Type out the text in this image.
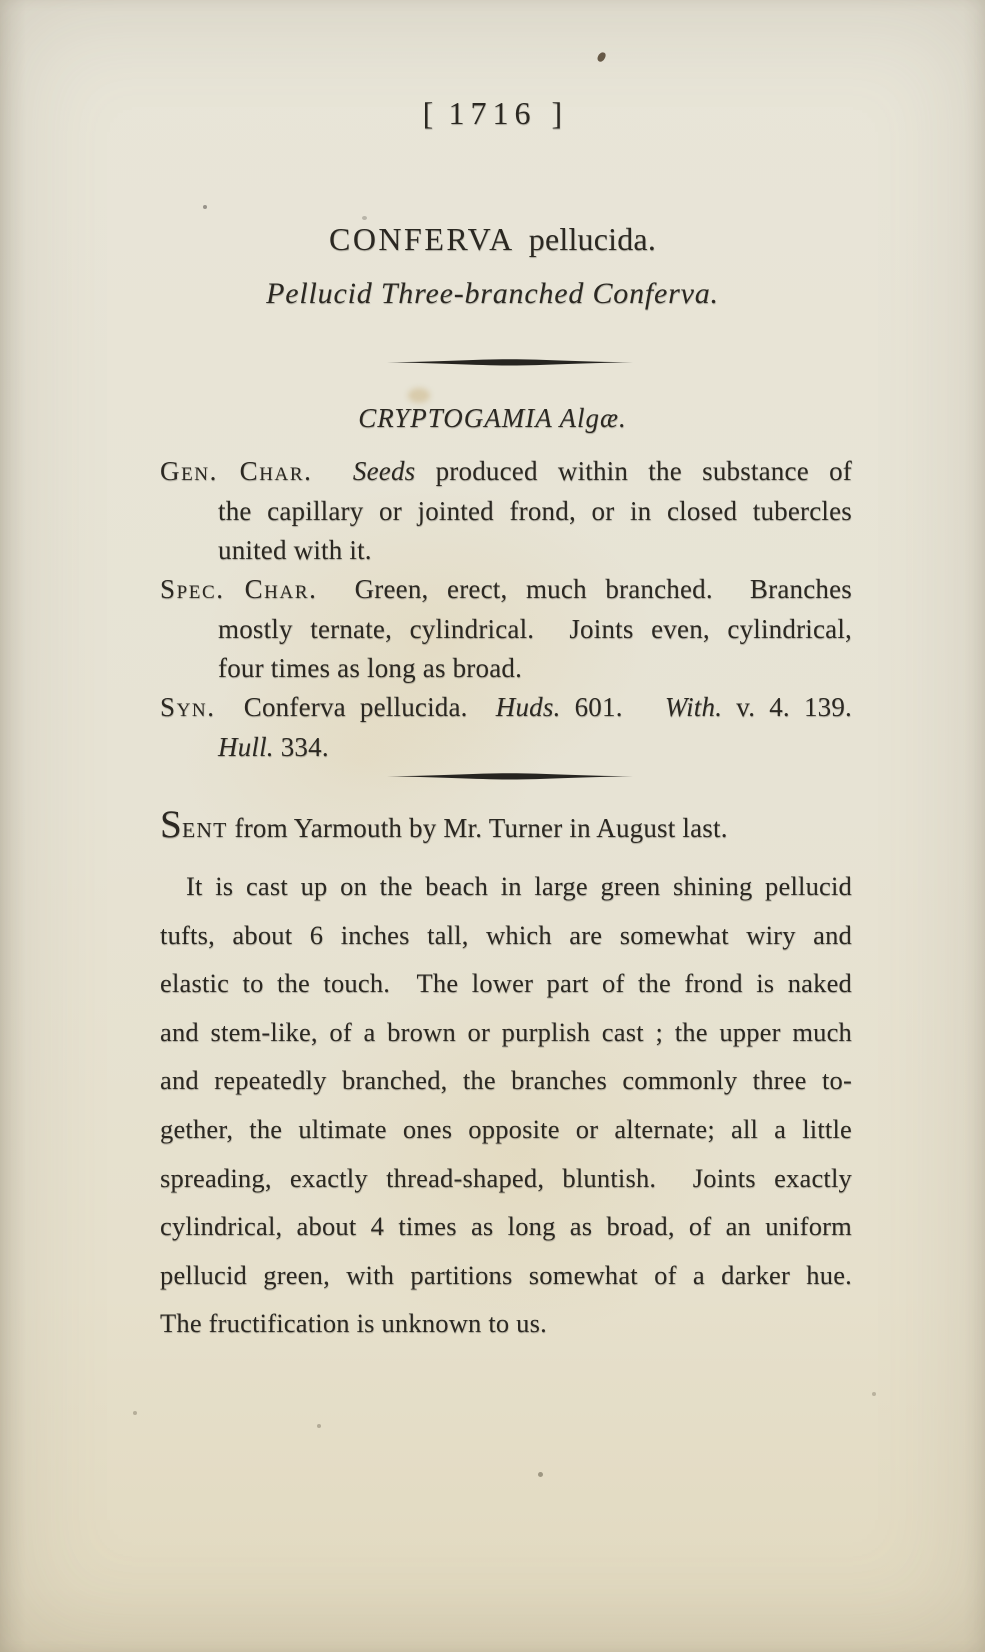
[ 1716 ]
CONFERVA pellucida.
Pellucid Three-branched Conferva.
CRYPTOGAMIA Algæ.
Gen. Char. Seeds produced within the substance of
the capillary or jointed frond, or in closed tubercles
united with it.
Spec. Char.  Green, erect, much branched.  Branches
mostly ternate, cylindrical.  Joints even, cylindrical,
four times as long as broad.
Syn.  Conferva pellucida.  Huds. 601.   With. v. 4. 139.
Hull. 334.
SENT from Yarmouth by Mr. Turner in August last.
It is cast up on the beach in large green shining pellucid
tufts, about 6 inches tall, which are somewhat wiry and
elastic to the touch.  The lower part of the frond is naked
and stem-like, of a brown or purplish cast ; the upper much
and repeatedly branched, the branches commonly three to-
gether, the ultimate ones opposite or alternate; all a little
spreading, exactly thread-shaped, bluntish.  Joints exactly
cylindrical, about 4 times as long as broad, of an uniform
pellucid green, with partitions somewhat of a darker hue.
The fructification is unknown to us.
